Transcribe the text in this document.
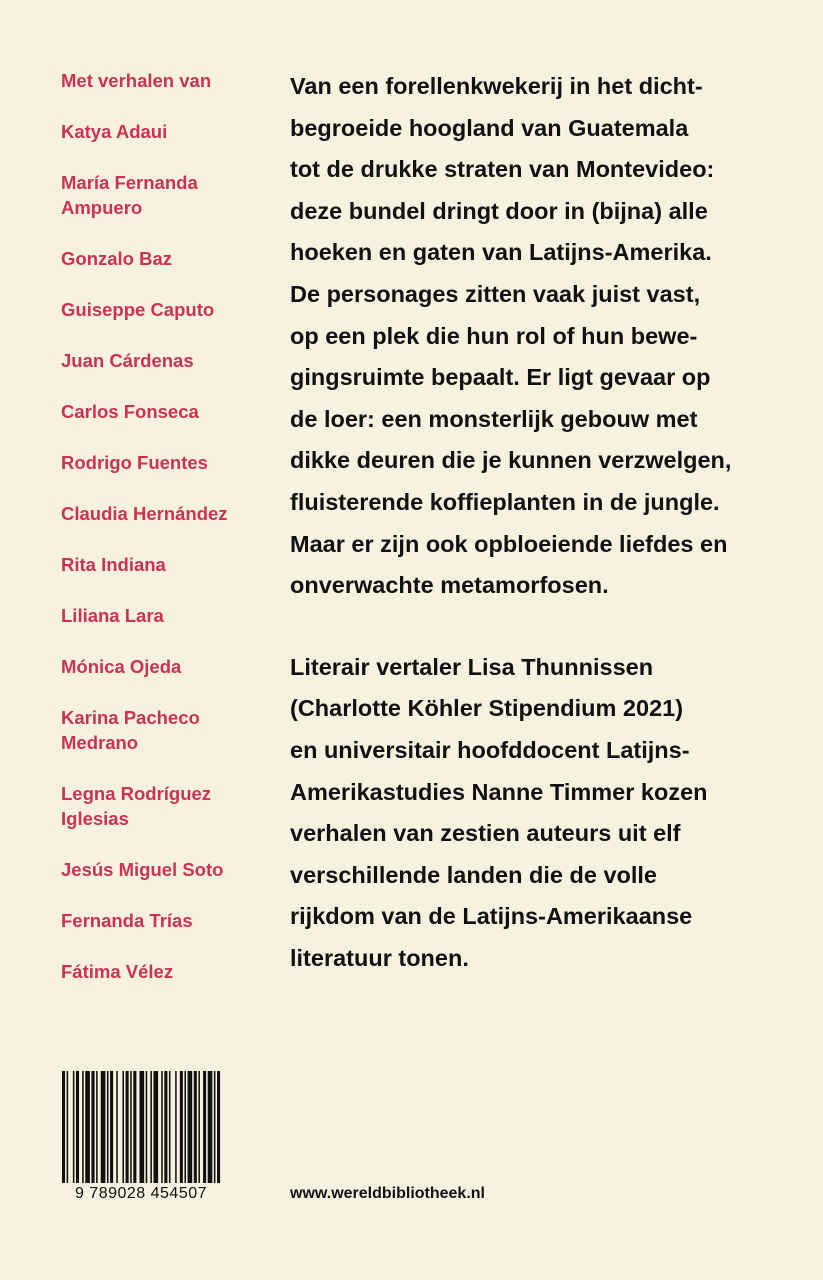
Met verhalen van
Katya Adaui
María Fernanda
Ampuero
Gonzalo Baz
Guiseppe Caputo
Juan Cárdenas
Carlos Fonseca
Rodrigo Fuentes
Claudia Hernández
Rita Indiana
Liliana Lara
Mónica Ojeda
Karina Pacheco
Medrano
Legna Rodríguez
Iglesias
Jesús Miguel Soto
Fernanda Trías
Fátima Vélez
Van een forellenkwekerij in het dicht-
begroeide hoogland van Guatemala
tot de drukke straten van Montevideo:
deze bundel dringt door in (bijna) alle
hoeken en gaten van Latijns-Amerika.
De personages zitten vaak juist vast,
op een plek die hun rol of hun bewe-
gingsruimte bepaalt. Er ligt gevaar op
de loer: een monsterlijk gebouw met
dikke deuren die je kunnen verzwelgen,
fluisterende koffieplanten in de jungle.
Maar er zijn ook opbloeiende liefdes en
onverwachte metamorfosen.
Literair vertaler Lisa Thunnissen
(Charlotte Köhler Stipendium 2021)
en universitair hoofddocent Latijns-
Amerikastudies Nanne Timmer kozen
verhalen van zestien auteurs uit elf
verschillende landen die de volle
rijkdom van de Latijns-Amerikaanse
literatuur tonen.
9 789028 454507	www.wereldbibliotheek.nl
